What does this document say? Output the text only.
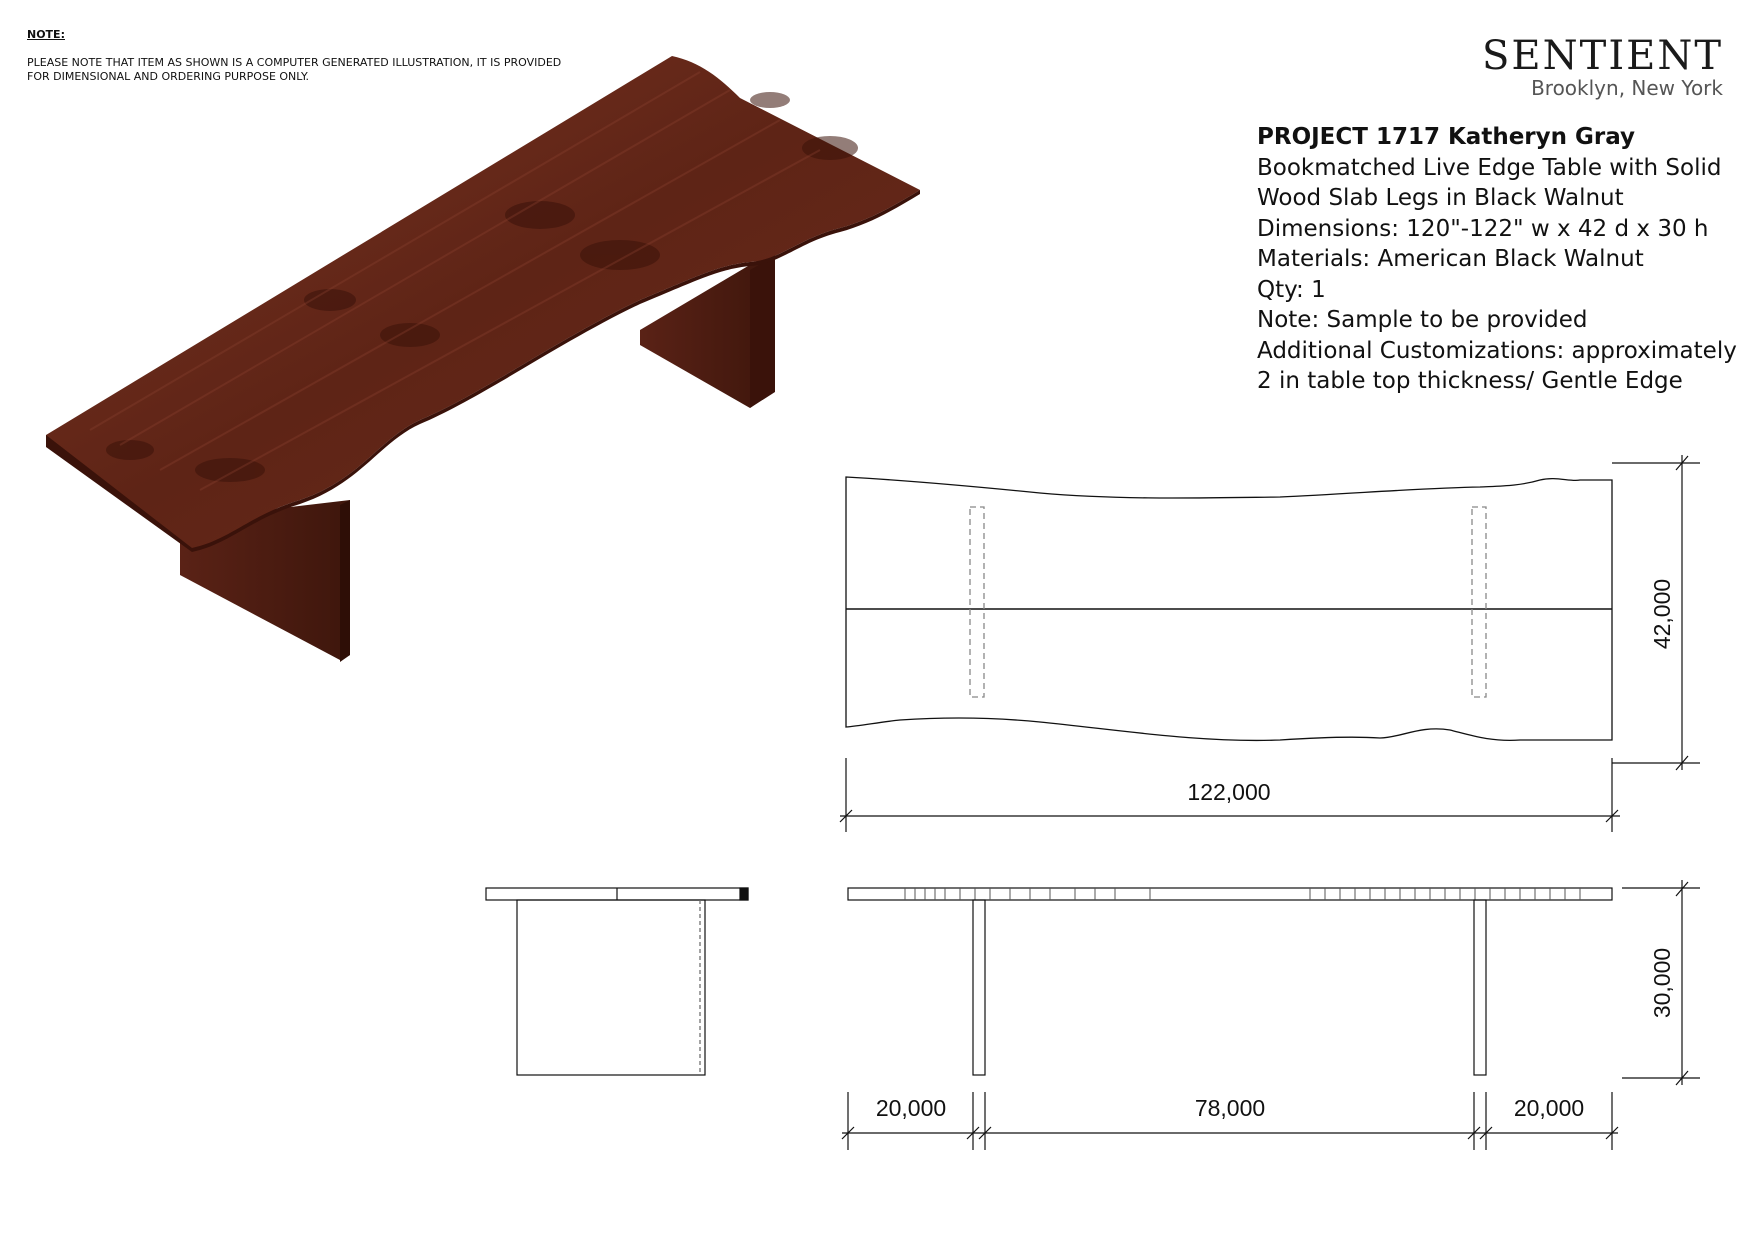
NOTE:
PLEASE NOTE THAT ITEM AS SHOWN IS A COMPUTER GENERATED ILLUSTRATION, IT IS PROVIDED FOR DIMENSIONAL AND ORDERING PURPOSE ONLY.	SENTIENT
Brooklyn, New York
PROJECT 1717 Katheryn Gray
Bookmatched Live Edge Table with Solid
Wood Slab Legs in Black Walnut
Dimensions: 120"-122" w x 42 d x 30 h
Materials: American Black Walnut
Qty: 1
Note: Sample to be provided
Additional Customizations: approximately
2 in table top thickness/ Gentle Edge
42,000
122,000
30,000
20,000	78,000	20,000
